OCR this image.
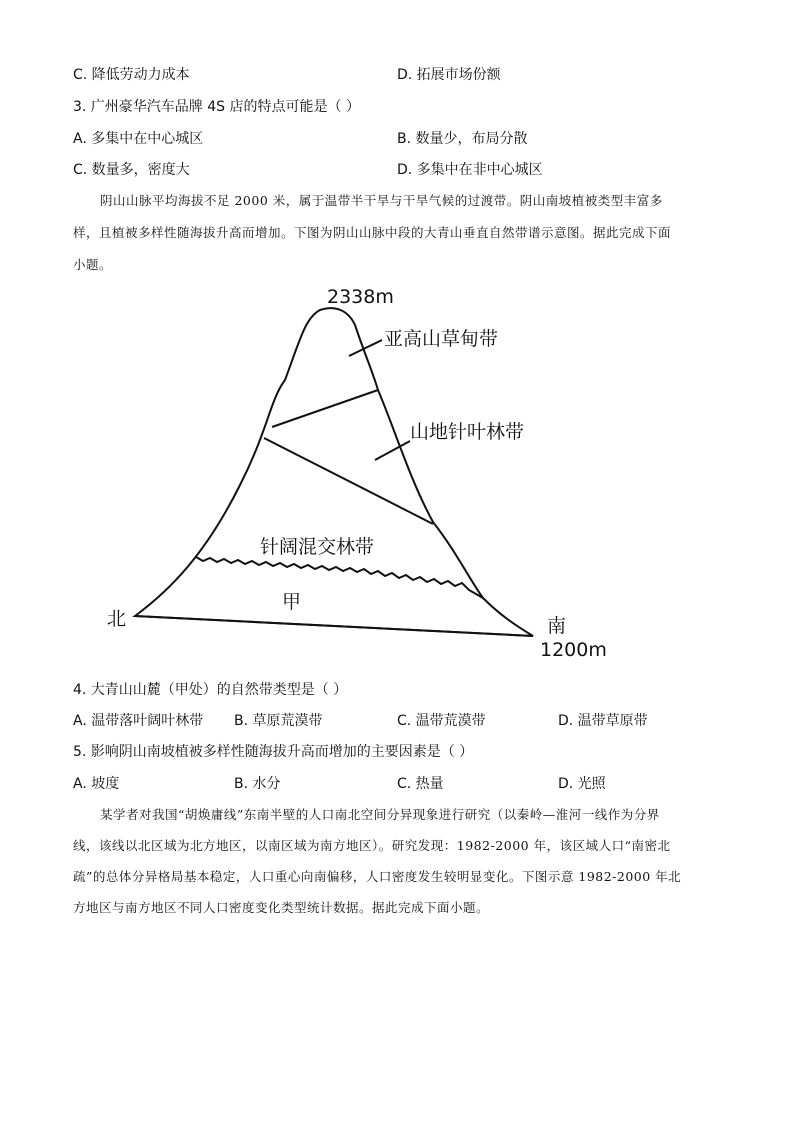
C. 降低劳动力成本	D. 拓展市场份额
3. 广州豪华汽车品牌 4S 店的特点可能是（ ）
A. 多集中在中心城区	B. 数量少，布局分散
C. 数量多，密度大	D. 多集中在非中心城区
阴山山脉平均海拔不足 2000 米，属于温带半干旱与干旱气候的过渡带。阴山南坡植被类型丰富多
样，且植被多样性随海拔升高而增加。下图为阴山山脉中段的大青山垂直自然带谱示意图。据此完成下面
小题。
2338m
亚高山草甸带
山地针叶林带
针阔混交林带
甲
北	南
1200m
4. 大青山山麓（甲处）的自然带类型是（ ）
A. 温带落叶阔叶林带 B. 草原荒漠带	C. 温带荒漠带	D. 温带草原带
5. 影响阴山南坡植被多样性随海拔升高而增加的主要因素是（ ）
A. 坡度	B. 水分	C. 热量	D. 光照
某学者对我国“胡焕庸线”东南半壁的人口南北空间分异现象进行研究（以秦岭—淮河一线作为分界
线，该线以北区域为北方地区，以南区域为南方地区）。研究发现：1982-2000 年，该区域人口“南密北
疏”的总体分异格局基本稳定，人口重心向南偏移，人口密度发生较明显变化。下图示意 1982-2000 年北
方地区与南方地区不同人口密度变化类型统计数据。据此完成下面小题。
